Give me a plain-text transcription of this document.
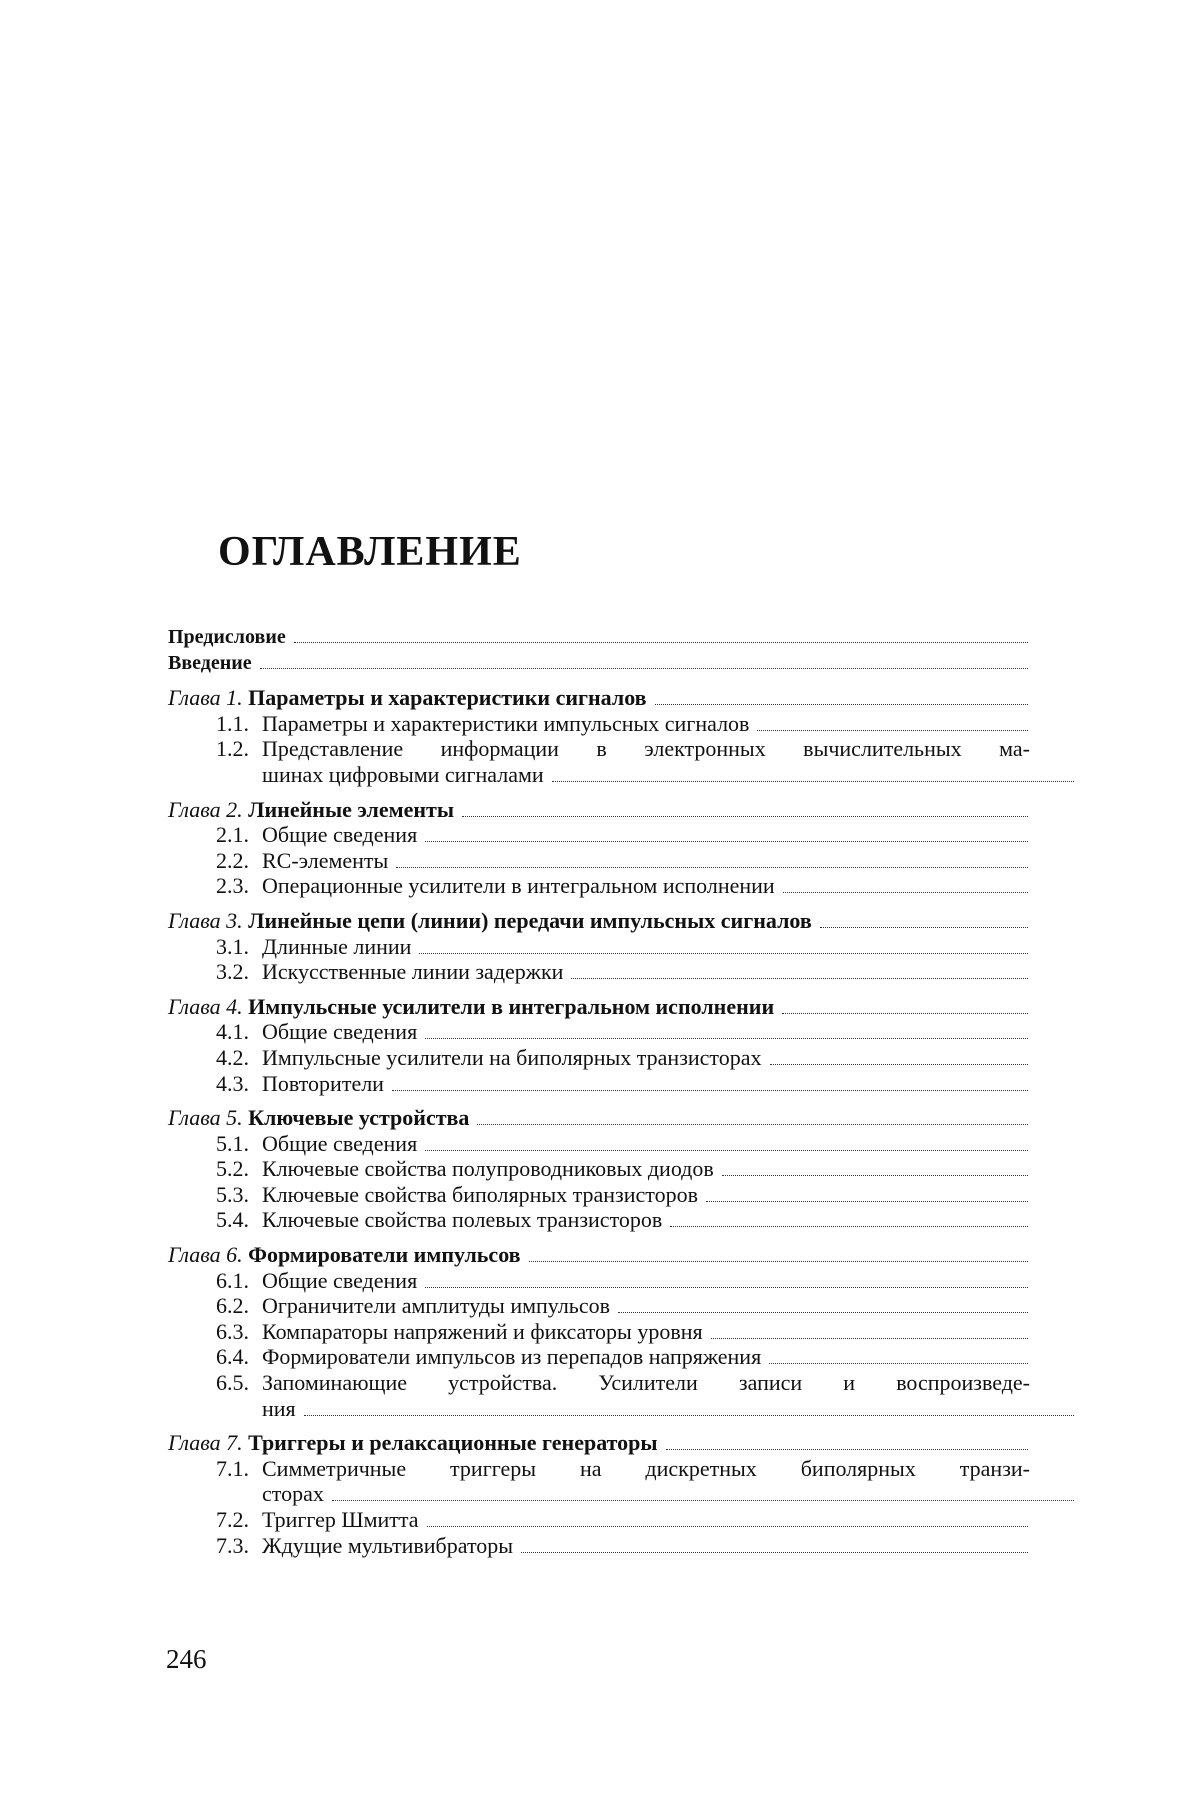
ОГЛАВЛЕНИЕ
Предисловие
Введение
Глава 1. Параметры и характеристики сигналов
1.1. Параметры и характеристики импульсных сигналов
1.2. Представление информации в электронных вычислительных ма-
шинах цифровыми сигналами
Глава 2. Линейные элементы
2.1. Общие сведения
2.2. RC-элементы
2.3. Операционные усилители в интегральном исполнении
Глава 3. Линейные цепи (линии) передачи импульсных сигналов
3.1. Длинные линии
3.2. Искусственные линии задержки
Глава 4. Импульсные усилители в интегральном исполнении
4.1. Общие сведения
4.2. Импульсные усилители на биполярных транзисторах
4.3. Повторители
Глава 5. Ключевые устройства
5.1. Общие сведения
5.2. Ключевые свойства полупроводниковых диодов
5.3. Ключевые свойства биполярных транзисторов
5.4. Ключевые свойства полевых транзисторов
Глава 6. Формирователи импульсов
6.1. Общие сведения
6.2. Ограничители амплитуды импульсов
6.3. Компараторы напряжений и фиксаторы уровня
6.4. Формирователи импульсов из перепадов напряжения
6.5. Запоминающие устройства. Усилители записи и воспроизведе-
ния
Глава 7. Триггеры и релаксационные генераторы
7.1. Симметричные триггеры на дискретных биполярных транзи-
сторах
7.2. Триггер Шмитта
7.3. Ждущие мультивибраторы
246
